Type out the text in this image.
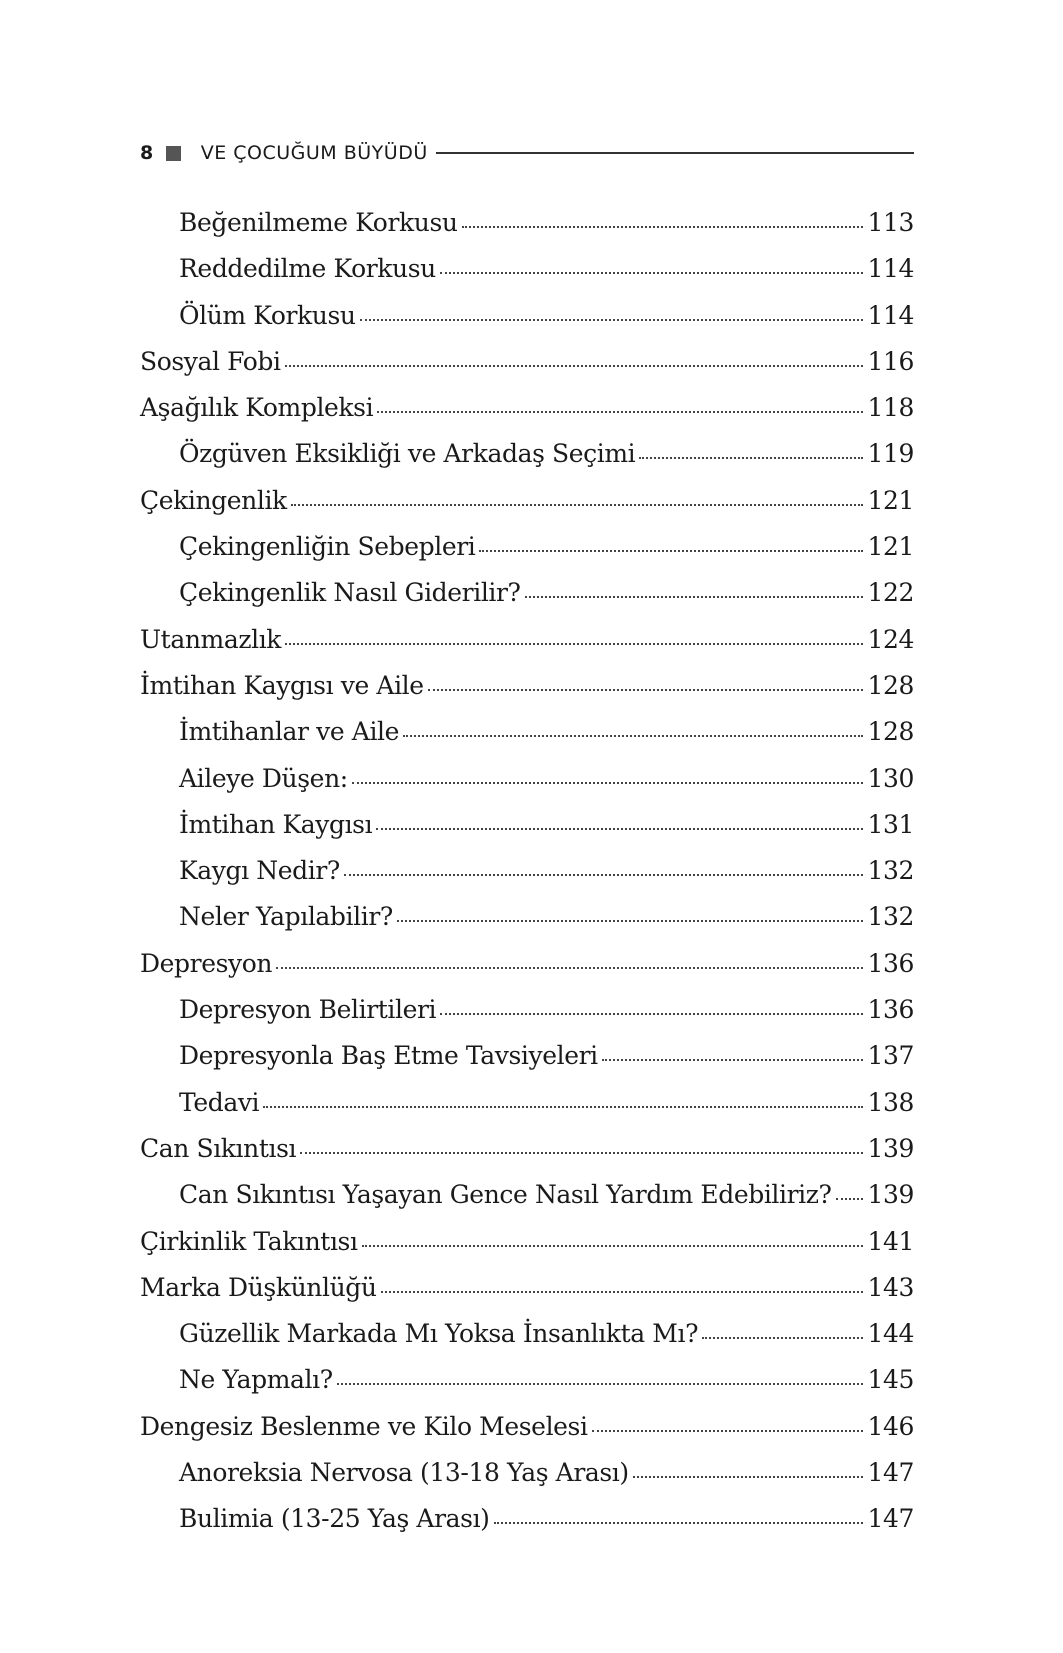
8 VE ÇOCUĞUM BÜYÜDÜ
Beğenilmeme Korkusu	113
Reddedilme Korkusu	114
Ölüm Korkusu	114
Sosyal Fobi	116
Aşağılık Kompleksi	118
Özgüven Eksikliği ve Arkadaş Seçimi	119
Çekingenlik	121
Çekingenliğin Sebepleri	121
Çekingenlik Nasıl Giderilir?	122
Utanmazlık	124
İmtihan Kaygısı ve Aile	128
İmtihanlar ve Aile	128
Aileye Düşen:	130
İmtihan Kaygısı	131
Kaygı Nedir?	132
Neler Yapılabilir?	132
Depresyon	136
Depresyon Belirtileri	136
Depresyonla Baş Etme Tavsiyeleri	137
Tedavi	138
Can Sıkıntısı	139
Can Sıkıntısı Yaşayan Gence Nasıl Yardım Edebiliriz? 139
Çirkinlik Takıntısı	141
Marka Düşkünlüğü	143
Güzellik Markada Mı Yoksa İnsanlıkta Mı?	144
Ne Yapmalı?	145
Dengesiz Beslenme ve Kilo Meselesi	146
Anoreksia Nervosa (13-18 Yaş Arası)	147
Bulimia (13-25 Yaş Arası)	147
